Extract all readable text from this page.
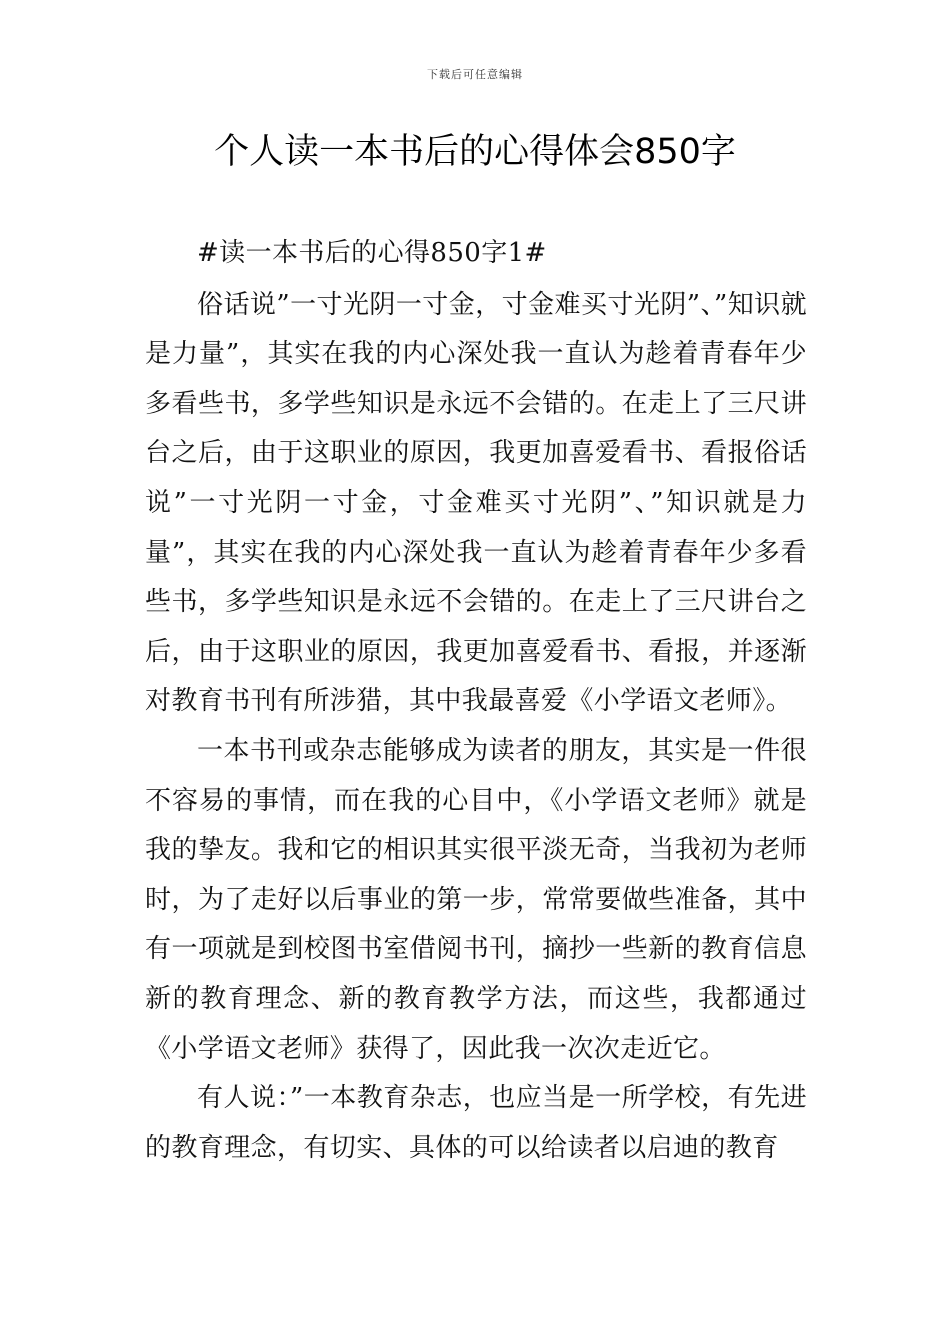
下载后可任意编辑
个人读一本书后的心得体会850字

#读一本书后的心得850字1#

俗话说”一寸光阴一寸金，寸金难买寸光阴”、”知识就是力量”，其实在我的内心深处我一直认为趁着青春年少多看些书，多学些知识是永远不会错的。在走上了三尺讲台之后，由于这职业的原因，我更加喜爱看书、看报俗话说”一寸光阴一寸金，寸金难买寸光阴”、”知识就是力量”，其实在我的内心深处我一直认为趁着青春年少多看些书，多学些知识是永远不会错的。在走上了三尺讲台之后，由于这职业的原因，我更加喜爱看书、看报，并逐渐对教育书刊有所涉猎，其中我最喜爱《小学语文老师》。

一本书刊或杂志能够成为读者的朋友，其实是一件很不容易的事情，而在我的心目中，《小学语文老师》就是我的挚友。我和它的相识其实很平淡无奇，当我初为老师时，为了走好以后事业的第一步，常常要做些准备，其中有一项就是到校图书室借阅书刊，摘抄一些新的教育信息新的教育理念、新的教育教学方法，而这些，我都通过《小学语文老师》获得了，因此我一次次走近它。

有人说：”一本教育杂志，也应当是一所学校，有先进的教育理念，有切实、具体的可以给读者以启迪的教育
